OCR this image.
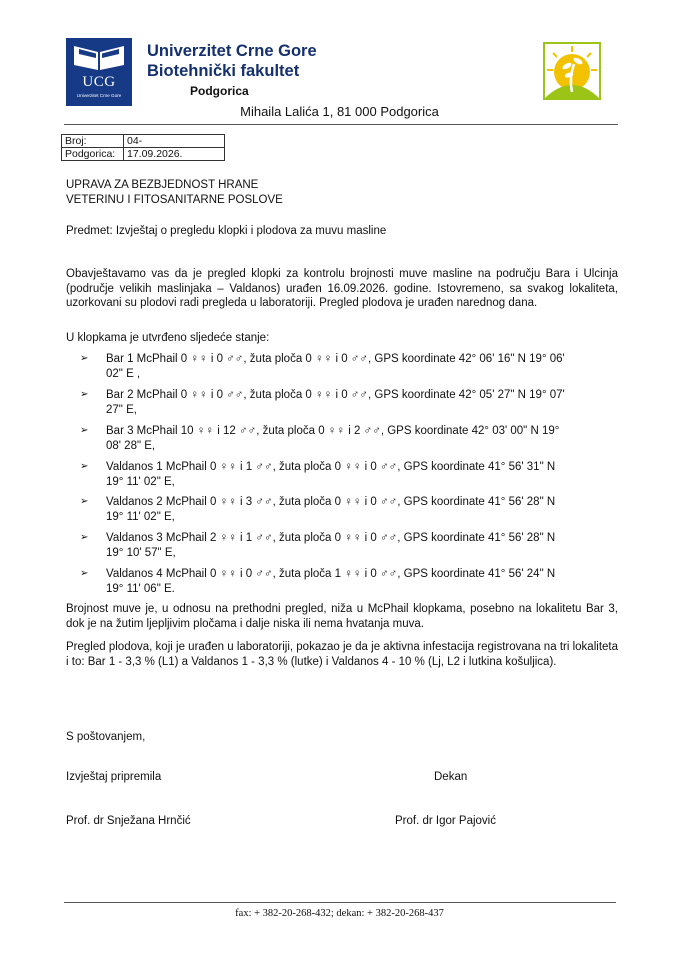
UCG
Univerzitet Crne Gore
Univerzitet Crne Gore
Biotehnički fakultet
Podgorica
Mihaila Lalića 1, 81 000 Podgorica
Broj:	04-
Podgorica:	17.09.2026.
UPRAVA ZA BEZBJEDNOST HRANE
VETERINU I FITOSANITARNE POSLOVE
Predmet: Izvještaj o pregledu klopki i plodova za muvu masline
Obavještavamo vas da je pregled klopki za kontrolu brojnosti muve masline na području Bara i Ulcinja (područje velikih maslinjaka – Valdanos) urađen 16.09.2026. godine. Istovremeno, sa svakog lokaliteta, uzorkovani su plodovi radi pregleda u laboratoriji. Pregled plodova je urađen narednog dana.
U klopkama je utvrđeno sljedeće stanje:
➢ Bar 1 McPhail 0 ♀♀ i 0 ♂♂, žuta ploča 0 ♀♀ i 0 ♂♂, GPS koordinate 42° 06' 16" N 19° 06'
02" E ,
➢ Bar 2 McPhail 0 ♀♀ i 0 ♂♂, žuta ploča 0 ♀♀ i 0 ♂♂, GPS koordinate 42° 05' 27" N 19° 07'
27" E,
➢ Bar 3 McPhail 10 ♀♀ i 12 ♂♂, žuta ploča 0 ♀♀ i 2 ♂♂, GPS koordinate 42° 03' 00" N 19°
08' 28" E,
➢ Valdanos 1 McPhail 0 ♀♀ i 1 ♂♂, žuta ploča 0 ♀♀ i 0 ♂♂, GPS koordinate 41° 56' 31" N
19° 11' 02" E,
➢ Valdanos 2 McPhail 0 ♀♀ i 3 ♂♂, žuta ploča 0 ♀♀ i 0 ♂♂, GPS koordinate 41° 56' 28" N
19° 11' 02" E,
➢ Valdanos 3 McPhail 2 ♀♀ i 1 ♂♂, žuta ploča 0 ♀♀ i 0 ♂♂, GPS koordinate 41° 56' 28" N
19° 10' 57" E,
➢ Valdanos 4 McPhail 0 ♀♀ i 0 ♂♂, žuta ploča 1 ♀♀ i 0 ♂♂, GPS koordinate 41° 56' 24" N
19° 11' 06" E.
Brojnost muve je, u odnosu na prethodni pregled, niža u McPhail klopkama, posebno na lokalitetu Bar 3, dok je na žutim ljepljivim pločama i dalje niska ili nema hvatanja muva.
Pregled plodova, koji je urađen u laboratoriji, pokazao je da je aktivna infestacija registrovana na tri lokaliteta i to: Bar 1 - 3,3 % (L1) a Valdanos 1 - 3,3 % (lutke) i Valdanos 4 - 10 % (Lj, L2 i lutkina košuljica).
S poštovanjem,
Izvještaj pripremila	Dekan
Prof. dr Snježana Hrnčić	Prof. dr Igor Pajović
fax: + 382-20-268-432; dekan: + 382-20-268-437
